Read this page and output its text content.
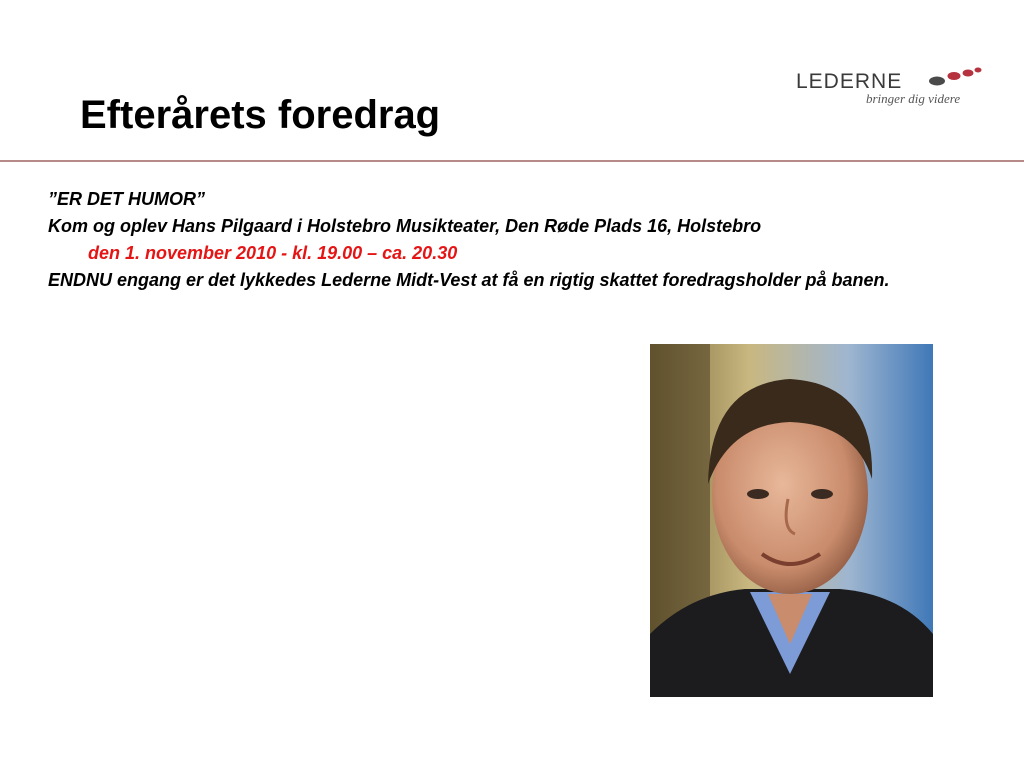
Efterårets foredrag
LEDERNE
bringer dig videre

”ER DET HUMOR”

Kom og oplev Hans Pilgaard i Holstebro Musikteater, Den Røde Plads 16, Holstebro

den 1. november 2010 - kl. 19.00 – ca. 20.30

ENDNU engang er det lykkedes Lederne Midt-Vest at få en rigtig skattet foredragsholder på banen.
